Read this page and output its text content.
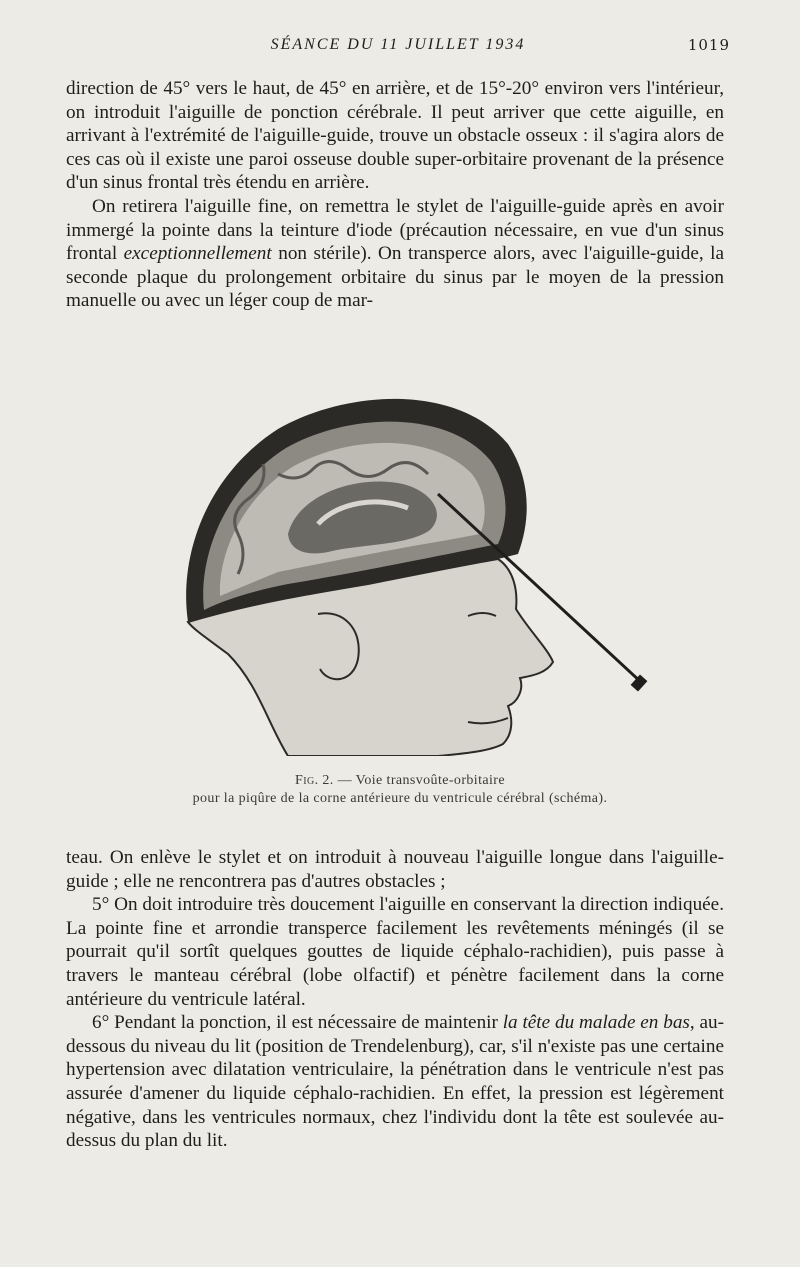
SÉANCE DU 11 JUILLET 1934	1019

direction de 45° vers le haut, de 45° en arrière, et de 15°-20° environ vers l'intérieur, on introduit l'aiguille de ponction cérébrale. Il peut arriver que cette aiguille, en arrivant à l'extrémité de l'aiguille-guide, trouve un obstacle osseux : il s'agira alors de ces cas où il existe une paroi osseuse double super-orbitaire provenant de la présence d'un sinus frontal très étendu en arrière.

On retirera l'aiguille fine, on remettra le stylet de l'aiguille-guide après en avoir immergé la pointe dans la teinture d'iode (précaution nécessaire, en vue d'un sinus frontal exceptionnellement non stérile). On transperce alors, avec l'aiguille-guide, la seconde plaque du prolongement orbitaire du sinus par le moyen de la pression manuelle ou avec un léger coup de mar-

Fig. 2. — Voie transvoûte-orbitaire
pour la piqûre de la corne antérieure du ventricule cérébral (schéma).

teau. On enlève le stylet et on introduit à nouveau l'aiguille longue dans l'aiguille-guide ; elle ne rencontrera pas d'autres obstacles ;

5° On doit introduire très doucement l'aiguille en conservant la direction indiquée. La pointe fine et arrondie transperce facilement les revêtements méningés (il se pourrait qu'il sortît quelques gouttes de liquide céphalo-rachidien), puis passe à travers le manteau cérébral (lobe olfactif) et pénètre facilement dans la corne antérieure du ventricule latéral.

6° Pendant la ponction, il est nécessaire de maintenir la tête du malade en bas, au-dessous du niveau du lit (position de Trendelenburg), car, s'il n'existe pas une certaine hypertension avec dilatation ventriculaire, la pénétration dans le ventricule n'est pas assurée d'amener du liquide céphalo-rachidien. En effet, la pression est légèrement négative, dans les ventricules normaux, chez l'individu dont la tête est soulevée au-dessus du plan du lit.
